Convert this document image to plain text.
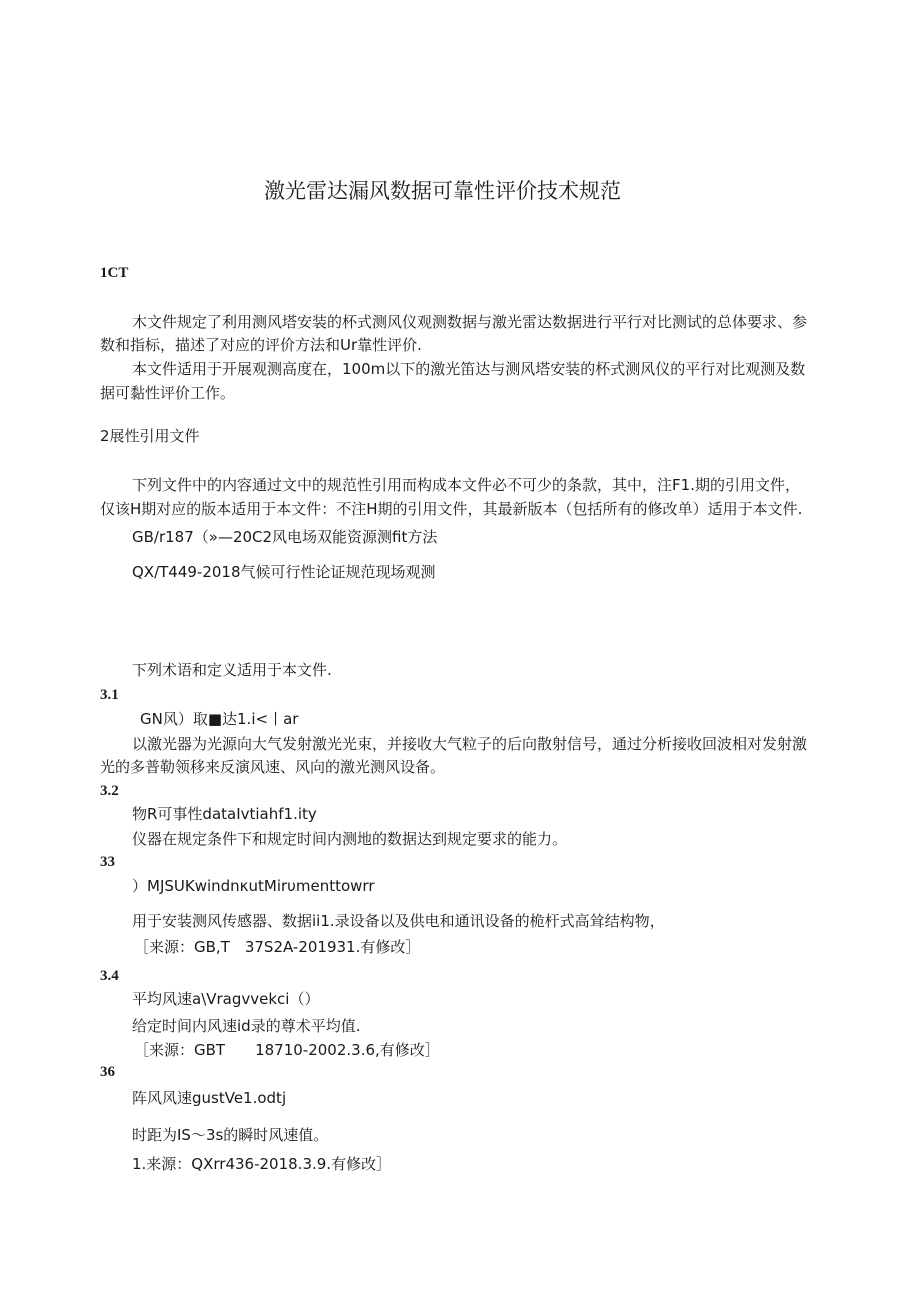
激光雷达漏风数据可靠性评价技术规范
1CT
木文件规定了利用测风塔安装的杯式测风仪观测数据与激光雷达数据进行平行对比测试的总体要求、参
数和指标，描述了对应的评价方法和Ur靠性评价.
本文件适用于开展观测高度在，100m以下的激光笛达与测风塔安装的杯式测风仪的平行对比观测及数
据可黏性评价工作。
2展性引用文件
下列文件中的内容通过文中的规范性引用而构成本文件必不可少的条款，其中，注F1.期的引用文件，
仅该H期对应的版本适用于本文件：不注H期的引用文件，其最新版本（包括所有的修改单）适用于本文件.
GB/r187（»—20C2风电场双能资源测fit方法
QX/T449-2018气候可行性论证规范现场观测
下列术语和定义适用于本文件.
3.1
GN风）取■达1.i<丨ar
以激光器为光源向大气发射激光光束，并接收大气粒子的后向散射信号，通过分析接收回波相对发射激
光的多普勒领移来反演风速、风向的激光测风设备。
3.2
物R可事性dataIvtiahf1.ity
仪器在规定条件下和规定时间内测地的数据达到规定要求的能力。
33
）MJSUKwindnκutMirυmenttowrr
用于安装测风传感器、数据ii1.录设备以及供电和通讯设备的桅杆式高耸结构物，
［来源：GB,T　37S2A-201931.有修改］
3.4
平均风速a\Vragvvekci（）
给定时间内风速id录的尊术平均值.
［来源：GBT　　18710-2002.3.6,有修改］
36
阵风风速gustVe1.odtj
时距为IS～3s的瞬时风速值。
1.来源：QXrr436-2018.3.9.有修改］
